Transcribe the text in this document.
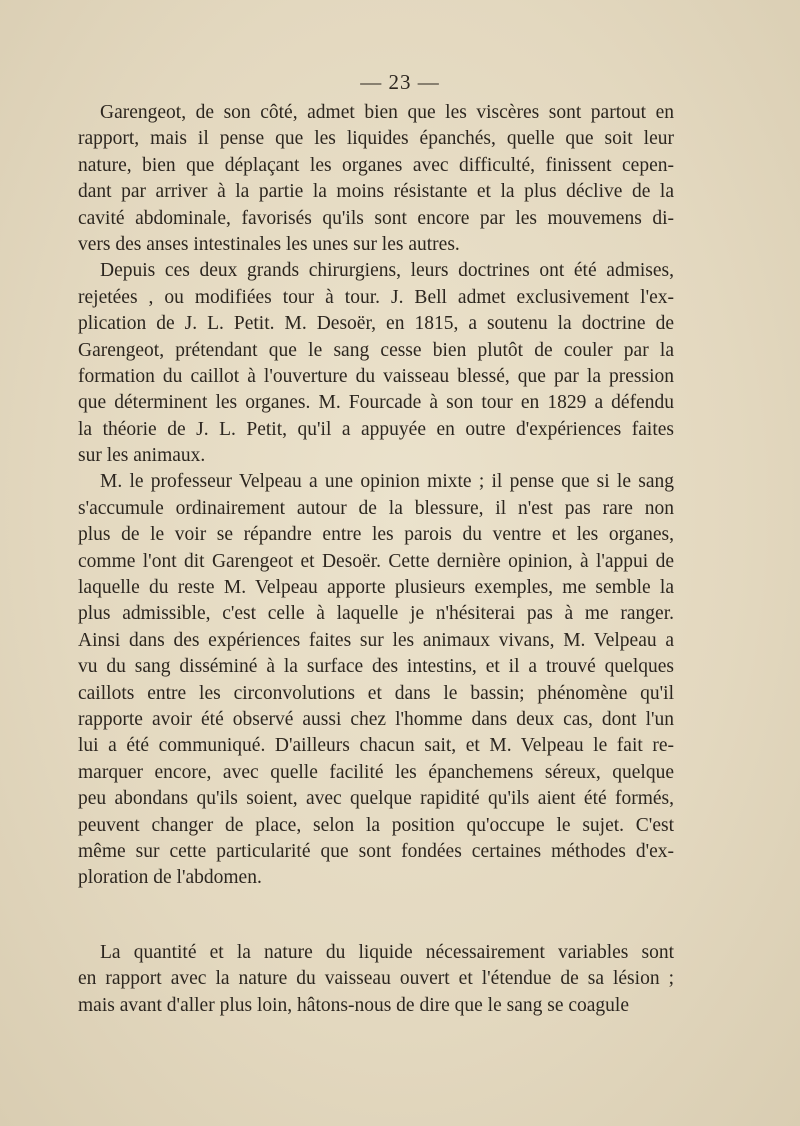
— 23 —
Garengeot, de son côté, admet bien que les viscères sont partout en
rapport, mais il pense que les liquides épanchés, quelle que soit leur
nature, bien que déplaçant les organes avec difficulté, finissent cepen-
dant par arriver à la partie la moins résistante et la plus déclive de la
cavité abdominale, favorisés qu'ils sont encore par les mouvemens di-
vers des anses intestinales les unes sur les autres.
Depuis ces deux grands chirurgiens, leurs doctrines ont été admises,
rejetées , ou modifiées tour à tour. J. Bell admet exclusivement l'ex-
plication de J. L. Petit. M. Desoër, en 1815, a soutenu la doctrine de
Garengeot, prétendant que le sang cesse bien plutôt de couler par la
formation du caillot à l'ouverture du vaisseau blessé, que par la pression
que déterminent les organes. M. Fourcade à son tour en 1829 a défendu
la théorie de J. L. Petit, qu'il a appuyée en outre d'expériences faites
sur les animaux.
M. le professeur Velpeau a une opinion mixte ; il pense que si le sang
s'accumule ordinairement autour de la blessure, il n'est pas rare non
plus de le voir se répandre entre les parois du ventre et les organes,
comme l'ont dit Garengeot et Desoër. Cette dernière opinion, à l'appui de
laquelle du reste M. Velpeau apporte plusieurs exemples, me semble la
plus admissible, c'est celle à laquelle je n'hésiterai pas à me ranger.
Ainsi dans des expériences faites sur les animaux vivans, M. Velpeau a
vu du sang disséminé à la surface des intestins, et il a trouvé quelques
caillots entre les circonvolutions et dans le bassin; phénomène qu'il
rapporte avoir été observé aussi chez l'homme dans deux cas, dont l'un
lui a été communiqué. D'ailleurs chacun sait, et M. Velpeau le fait re-
marquer encore, avec quelle facilité les épanchemens séreux, quelque
peu abondans qu'ils soient, avec quelque rapidité qu'ils aient été formés,
peuvent changer de place, selon la position qu'occupe le sujet. C'est
même sur cette particularité que sont fondées certaines méthodes d'ex-
ploration de l'abdomen.
La quantité et la nature du liquide nécessairement variables sont
en rapport avec la nature du vaisseau ouvert et l'étendue de sa lésion ;
mais avant d'aller plus loin, hâtons-nous de dire que le sang se coagule
